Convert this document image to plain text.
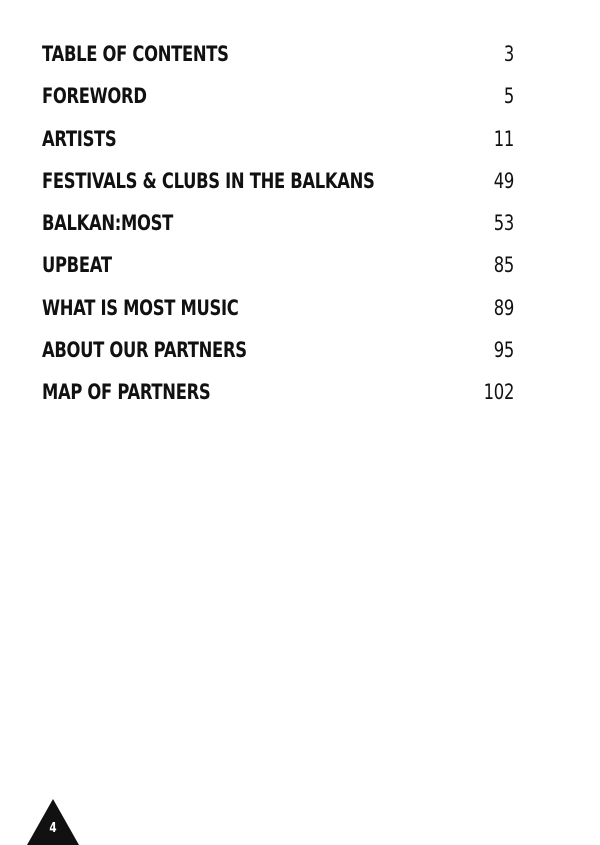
TABLE OF CONTENTS	3
FOREWORD	5
ARTISTS	11
FESTIVALS & CLUBS IN THE BALKANS	49
BALKAN:MOST	53
UPBEAT	85
WHAT IS MOST MUSIC	89
ABOUT OUR PARTNERS	95
MAP OF PARTNERS	102
4
